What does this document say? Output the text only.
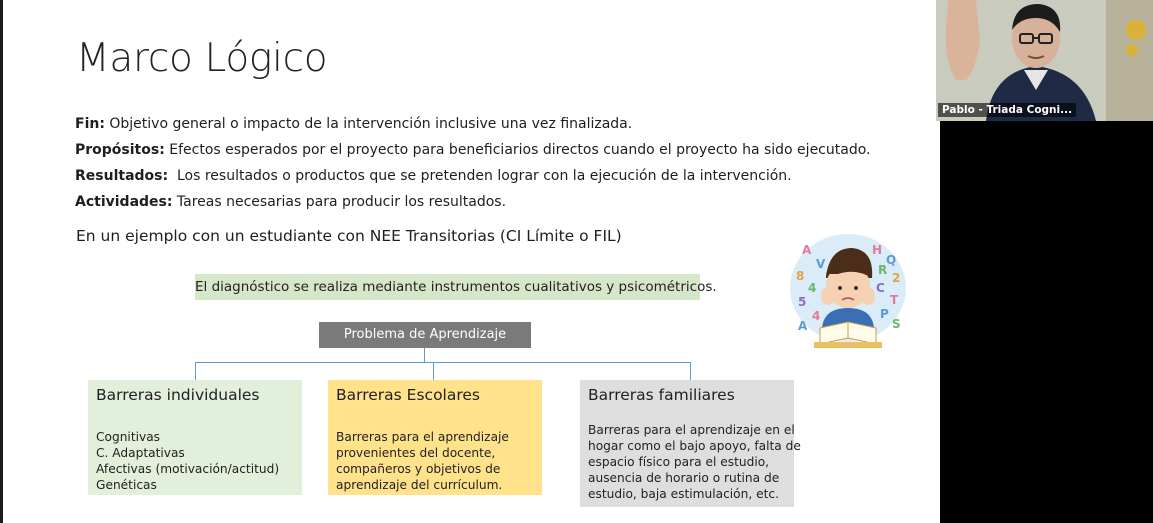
Marco Lógico
Fin: Objetivo general o impacto de la intervención inclusive una vez finalizada.
Propósitos: Efectos esperados por el proyecto para beneficiarios directos cuando el proyecto ha sido ejecutado.
Resultados:  Los resultados o productos que se pretenden lograr con la ejecución de la intervención.
Actividades: Tareas necesarias para producir los resultados.
En un ejemplo con un estudiante con NEE Transitorias (CI Límite o FIL)
El diagnóstico se realiza mediante instrumentos cualitativos y psicométricos.
Problema de Aprendizaje
Barreras individuales
Cognitivas
C. Adaptativas
Afectivas (motivación/actitud)
Genéticas
Barreras Escolares
Barreras para el aprendizaje
provenientes del docente,
compañeros y objetivos de
aprendizaje del currículum.
Barreras familiares
Barreras para el aprendizaje en el
hogar como el bajo apoyo, falta de
espacio físico para el estudio,
ausencia de horario o rutina de
estudio, baja estimulación, etc.
A
V
8
4
5
4
A
H
Q
R
2
C
T
P
S
Pablo - Triada Cogni...
